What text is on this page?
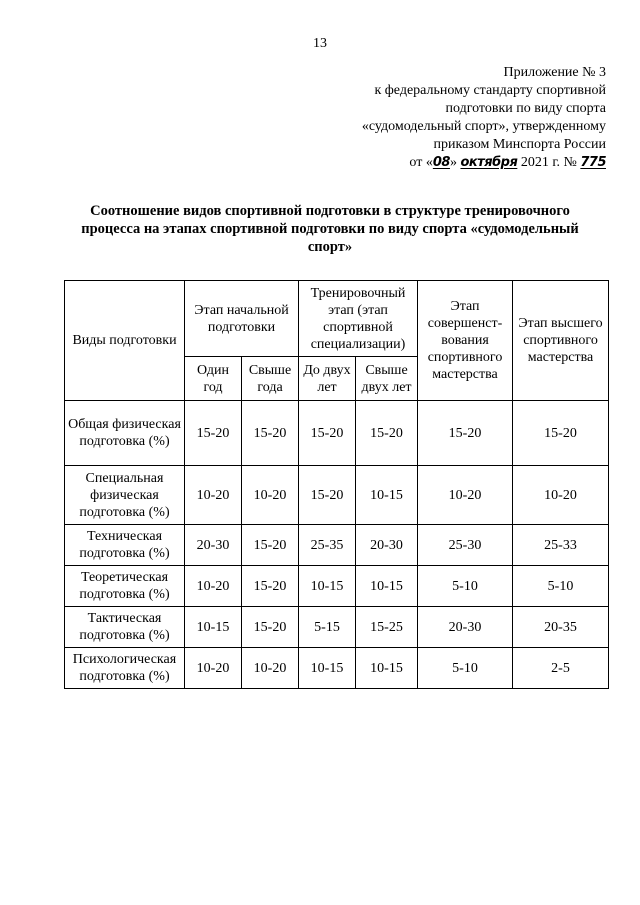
13
Приложение № 3
к федеральному стандарту спортивной
подготовки по виду спорта
«судомодельный спорт», утвержденному
приказом Минспорта России
от «08» октября 2021 г. № 775
Соотношение видов спортивной подготовки в структуре тренировочного процесса на этапах спортивной подготовки по виду спорта «судомодельный спорт»
Виды подготовки	Этап начальной подготовки		Тренировочный этап (этап спортивной специализации)		Этап совершенст-вования спортивного мастерства	Этап высшего спортивного мастерства
	Один год	Свыше года	До двух лет	Свыше двух лет		
Общая физическая подготовка (%)	15-20	15-20	15-20	15-20	15-20	15-20
Специальная физическая подготовка (%)	10-20	10-20	15-20	10-15	10-20	10-20
Техническая подготовка (%)	20-30	15-20	25-35	20-30	25-30	25-33
Теоретическая подготовка (%)	10-20	15-20	10-15	10-15	5-10	5-10
Тактическая подготовка (%)	10-15	15-20	5-15	15-25	20-30	20-35
Психологическая подготовка (%)	10-20	10-20	10-15	10-15	5-10	2-5
